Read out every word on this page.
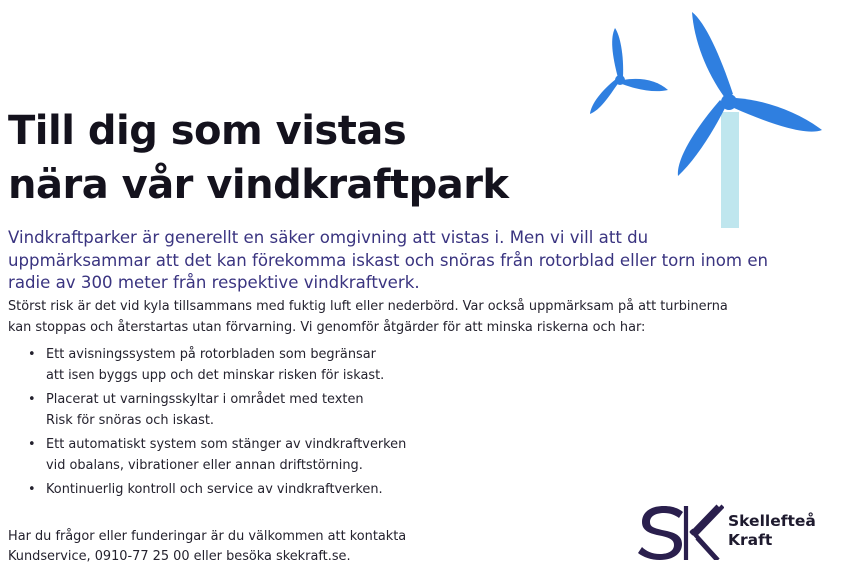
Till dig som vistas
nära vår vindkraftpark
Vindkraftparker är generellt en säker omgivning att vistas i. Men vi vill att du
uppmärksammar att det kan förekomma iskast och snöras från rotorblad eller torn inom en
radie av 300 meter från respektive vindkraftverk.
Störst risk är det vid kyla tillsammans med fuktig luft eller nederbörd. Var också uppmärksam på att turbinerna
kan stoppas och återstartas utan förvarning. Vi genomför åtgärder för att minska riskerna och har:
• Ett avisningssystem på rotorbladen som begränsar
att isen byggs upp och det minskar risken för iskast.
• Placerat ut varningsskyltar i området med texten
Risk för snöras och iskast.
• Ett automatiskt system som stänger av vindkraftverken
vid obalans, vibrationer eller annan driftstörning.
• Kontinuerlig kontroll och service av vindkraftverken.
Har du frågor eller funderingar är du välkommen att kontakta
Kundservice, 0910-77 25 00 eller besöka skekraft.se.
Skellefteå
Kraft
